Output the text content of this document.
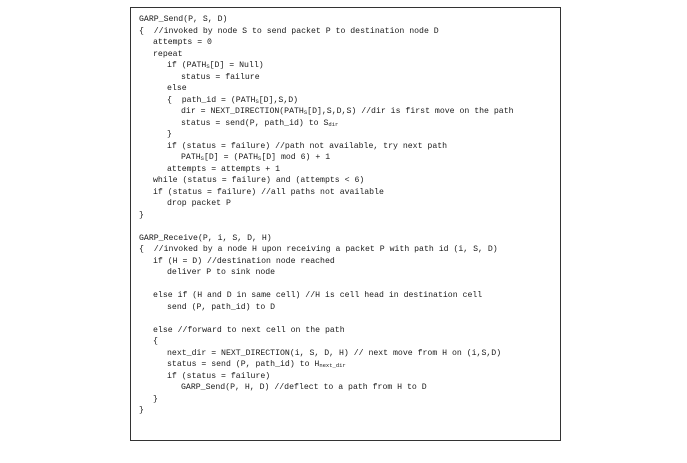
GARP_Send(P, S, D)
{  //invoked by node S to send packet P to destination node D
attempts = 0
repeat
if ($PATH_S[D]$ = Null)
status = failure
else
{  path_id = $(PATH_S[D],S,D)$
dir = $NEXT\_DIRECTION(PATH_S[D],S,D,S)$ //dir is first move on the path
status = send(P, path_id) to $S_{dir}$
}
if (status = failure) //path not available, try next path
$PATH_S[D]$ = ($PATH_S[D]$ mod 6) + 1
attempts = attempts + 1
while (status = failure) and (attempts < 6)
if (status = failure) //all paths not available
drop packet P
}
GARP_Receive(P, i, S, D, H)
{  //invoked by a node H upon receiving a packet P with path id (i, S, D)
if (H = D) //destination node reached
deliver P to sink node
else if (H and D in same cell) //H is cell head in destination cell
send (P, path_id) to D
else //forward to next cell on the path
{
next_dir = NEXT_DIRECTION(i, S, D, H) // next move from H on (i,S,D)
status = send (P, path_id) to $H_{next\_dir}$
if (status = failure)
GARP_Send(P, H, D) //deflect to a path from H to D
}
}
